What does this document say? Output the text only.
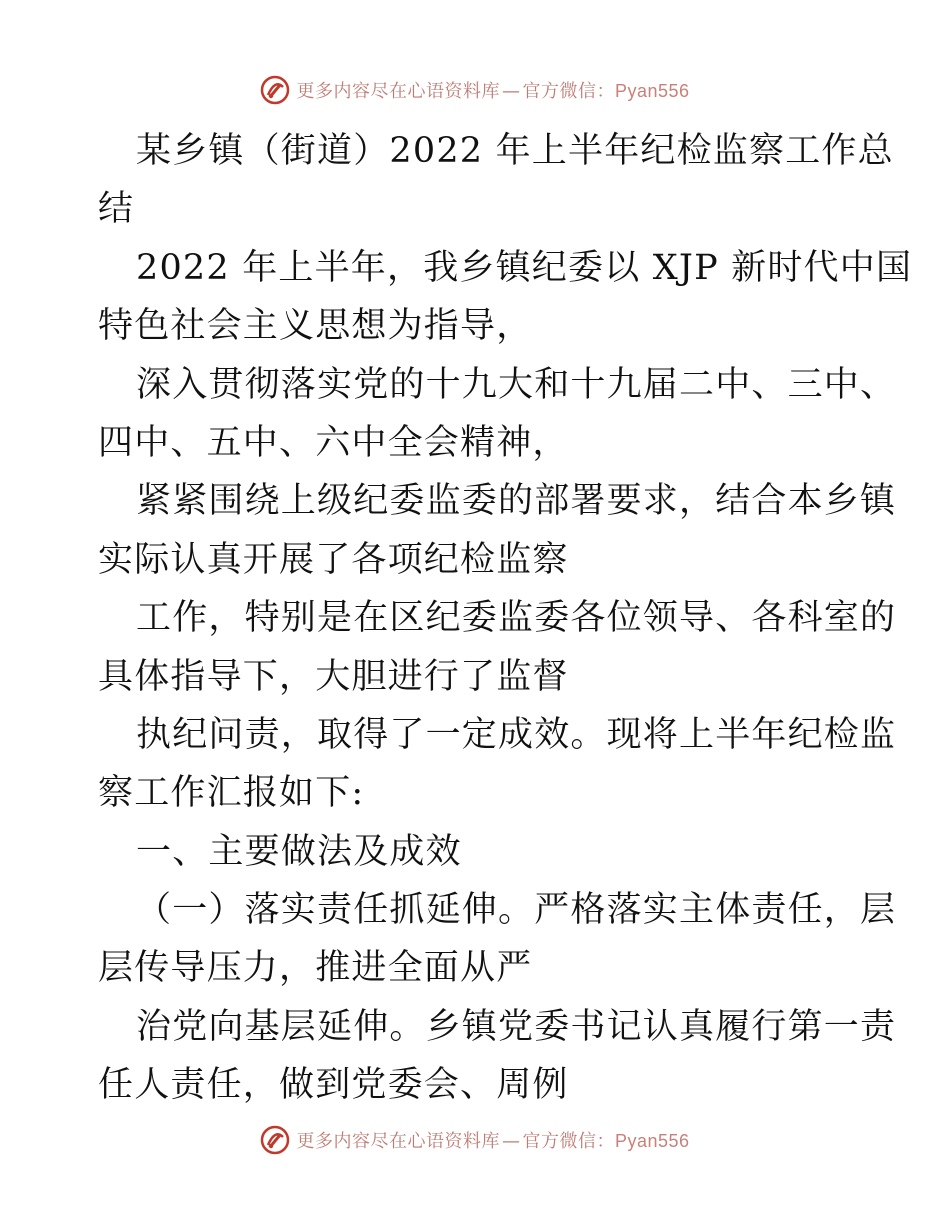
更多内容尽在心语资料库 — 官方微信：Pyan556
某乡镇（街道）2022 年上半年纪检监察工作总
结
2022 年上半年，我乡镇纪委以 XJP 新时代中国
特色社会主义思想为指导，
深入贯彻落实党的十九大和十九届二中、三中、
四中、五中、六中全会精神，
紧紧围绕上级纪委监委的部署要求，结合本乡镇
实际认真开展了各项纪检监察
工作，特别是在区纪委监委各位领导、各科室的
具体指导下，大胆进行了监督
执纪问责，取得了一定成效。现将上半年纪检监
察工作汇报如下:
一、主要做法及成效
（一）落实责任抓延伸。严格落实主体责任，层
层传导压力，推进全面从严
治党向基层延伸。乡镇党委书记认真履行第一责
任人责任，做到党委会、周例
更多内容尽在心语资料库 — 官方微信：Pyan556
